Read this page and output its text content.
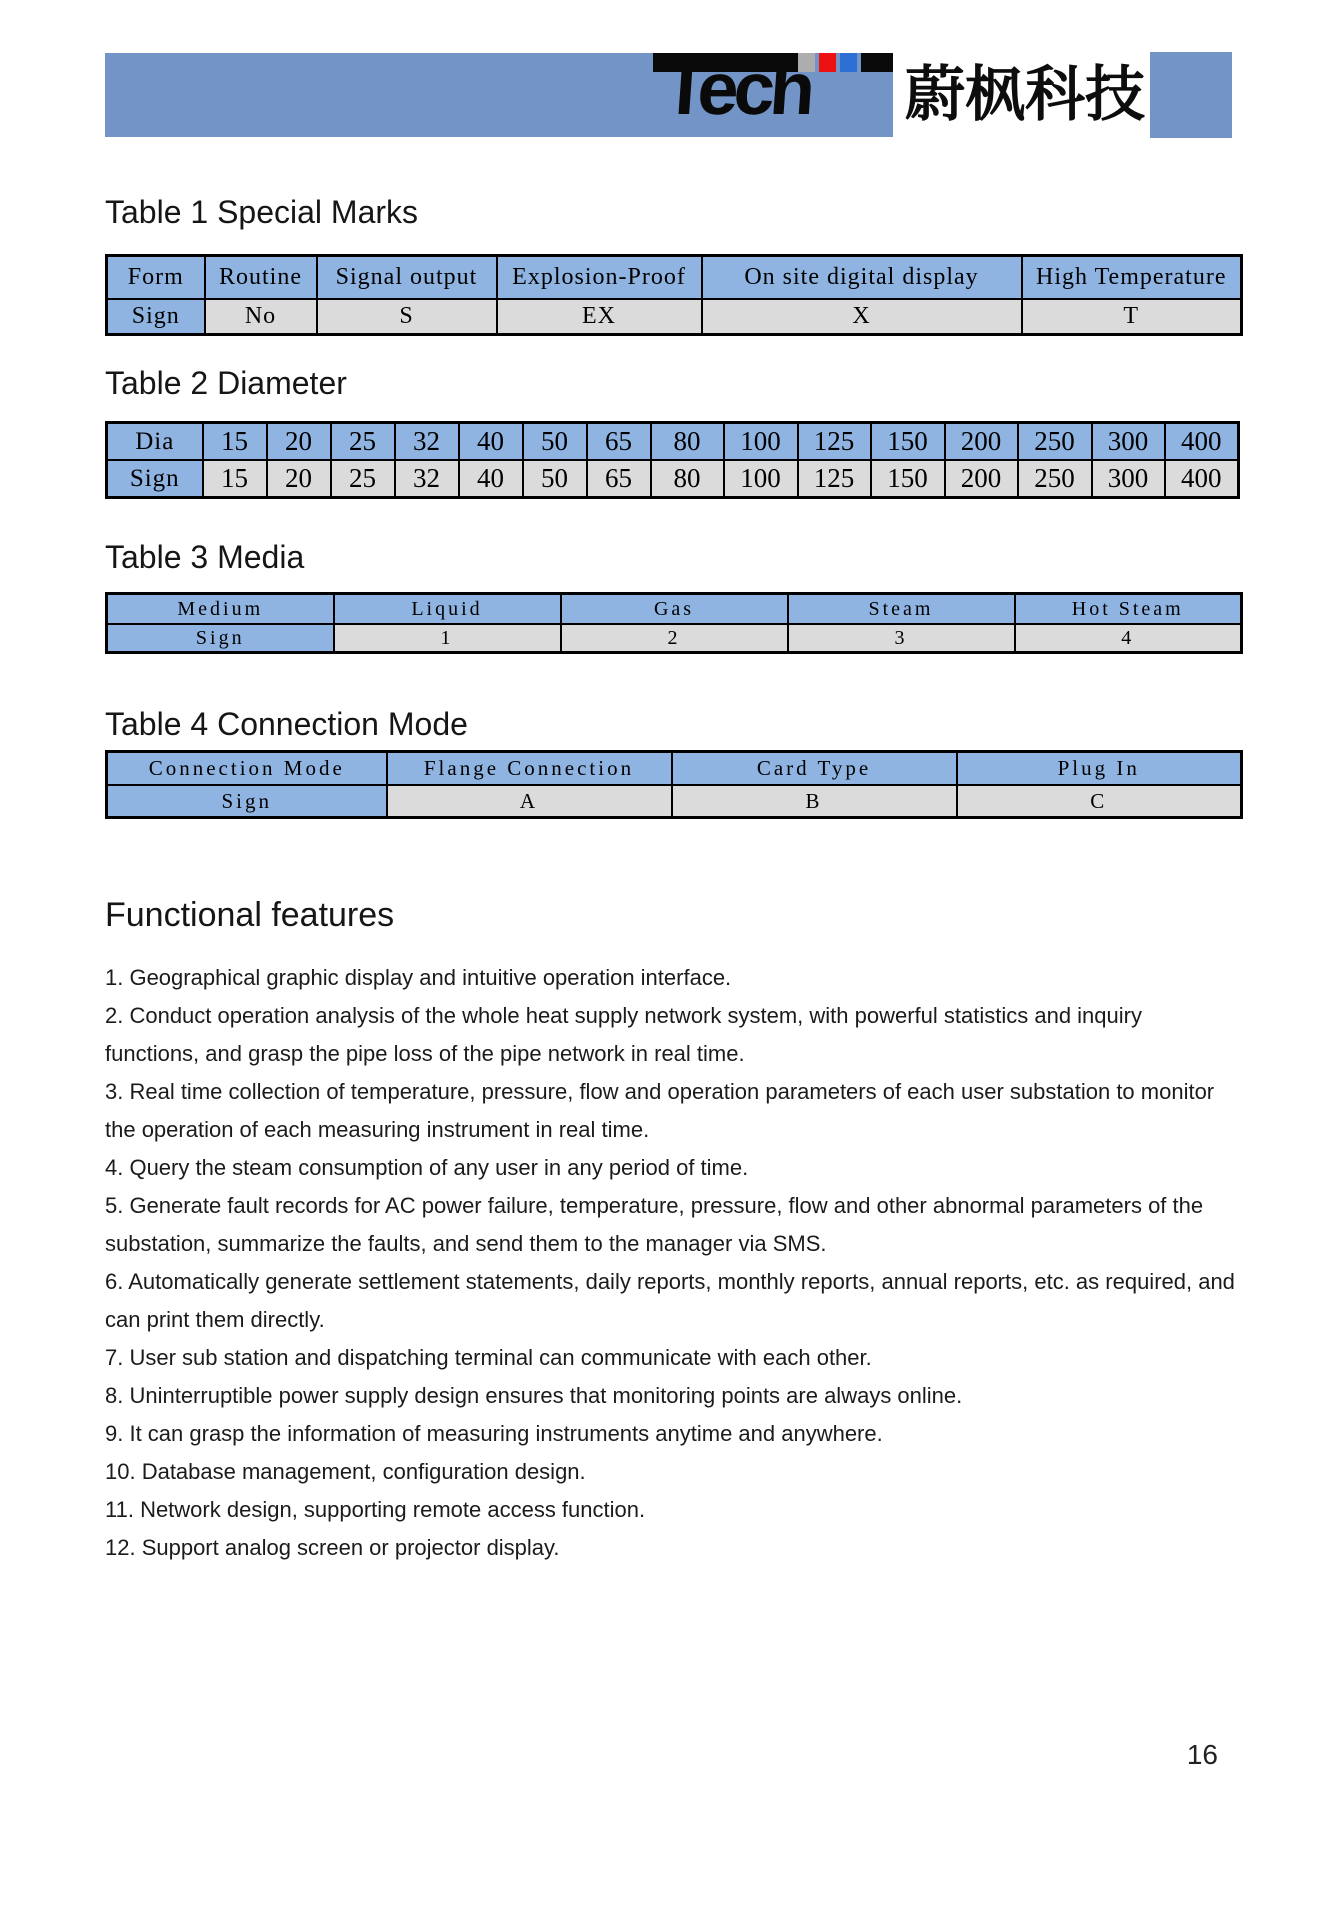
Tech	蔚枫科技
Table 1 Special Marks
Form	Routine	Signal output	Explosion-Proof	On site digital display	High Temperature
Sign	No	S	EX	X	T
Table 2 Diameter
Dia	15	20	25	32	40	50	65	80	100	125	150	200	250	300	400
Sign	15	20	25	32	40	50	65	80	100	125	150	200	250	300	400
Table 3 Media
Medium	Liquid	Gas	Steam	Hot Steam
Sign	1	2	3	4
Table 4 Connection Mode
Connection Mode	Flange Connection	Card Type	Plug In
Sign	A	B	C
Functional features

1. Geographical graphic display and intuitive operation interface.

2. Conduct operation analysis of the whole heat supply network system, with powerful statistics and inquiry functions, and grasp the pipe loss of the pipe network in real time.

3. Real time collection of temperature, pressure, flow and operation parameters of each user substation to monitor the operation of each measuring instrument in real time.

4. Query the steam consumption of any user in any period of time.

5. Generate fault records for AC power failure, temperature, pressure, flow and other abnormal parameters of the substation, summarize the faults, and send them to the manager via SMS.

6. Automatically generate settlement statements, daily reports, monthly reports, annual reports, etc. as required, and can print them directly.

7. User sub station and dispatching terminal can communicate with each other.

8. Uninterruptible power supply design ensures that monitoring points are always online.

9. It can grasp the information of measuring instruments anytime and anywhere.

10. Database management, configuration design.

11. Network design, supporting remote access function.

12. Support analog screen or projector display.

16
